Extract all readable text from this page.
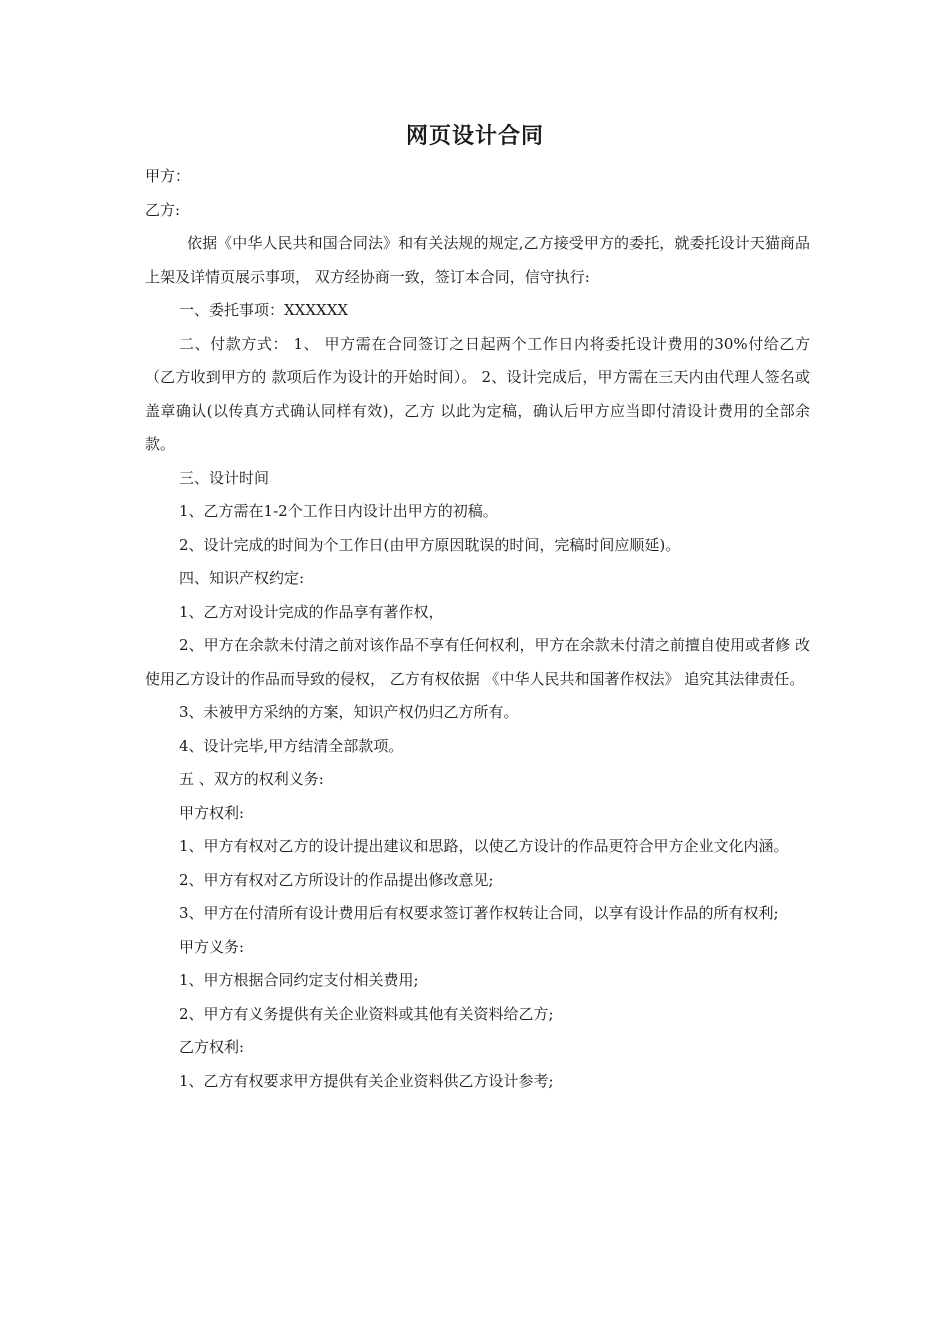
网页设计合同

甲方：

乙方:

依据《中华人民共和国合同法》和有关法规的规定,乙方接受甲方的委托，就委托设计天猫商品上架及详情页展示事项， 双方经协商一致，签订本合同，信守执行:

一、委托事项：XXXXXX

二、付款方式： 1、 甲方需在合同签订之日起两个工作日内将委托设计费用的30%付给乙方（乙方收到甲方的 款项后作为设计的开始时间）。 2、设计完成后，甲方需在三天内由代理人签名或盖章确认(以传真方式确认同样有效)，乙方 以此为定稿，确认后甲方应当即付清设计费用的全部余款。

三、设计时间

1、乙方需在1-2个工作日内设计出甲方的初稿。

2、设计完成的时间为个工作日(由甲方原因耽误的时间，完稿时间应顺延)。

四、知识产权约定:

1、乙方对设计完成的作品享有著作权，

2、甲方在余款未付清之前对该作品不享有任何权利，甲方在余款未付清之前擅自使用或者修 改使用乙方设计的作品而导致的侵权， 乙方有权依据 《中华人民共和国著作权法》 追究其法律责任。

3、未被甲方采纳的方案，知识产权仍归乙方所有。

4、设计完毕,甲方结清全部款项。

五 、双方的权利义务:

甲方权利:

1、甲方有权对乙方的设计提出建议和思路，以使乙方设计的作品更符合甲方企业文化内涵。

2、甲方有权对乙方所设计的作品提出修改意见;

3、甲方在付清所有设计费用后有权要求签订著作权转让合同，以享有设计作品的所有权利;

甲方义务:

1、甲方根据合同约定支付相关费用;

2、甲方有义务提供有关企业资料或其他有关资料给乙方;

乙方权利:

1、乙方有权要求甲方提供有关企业资料供乙方设计参考;
